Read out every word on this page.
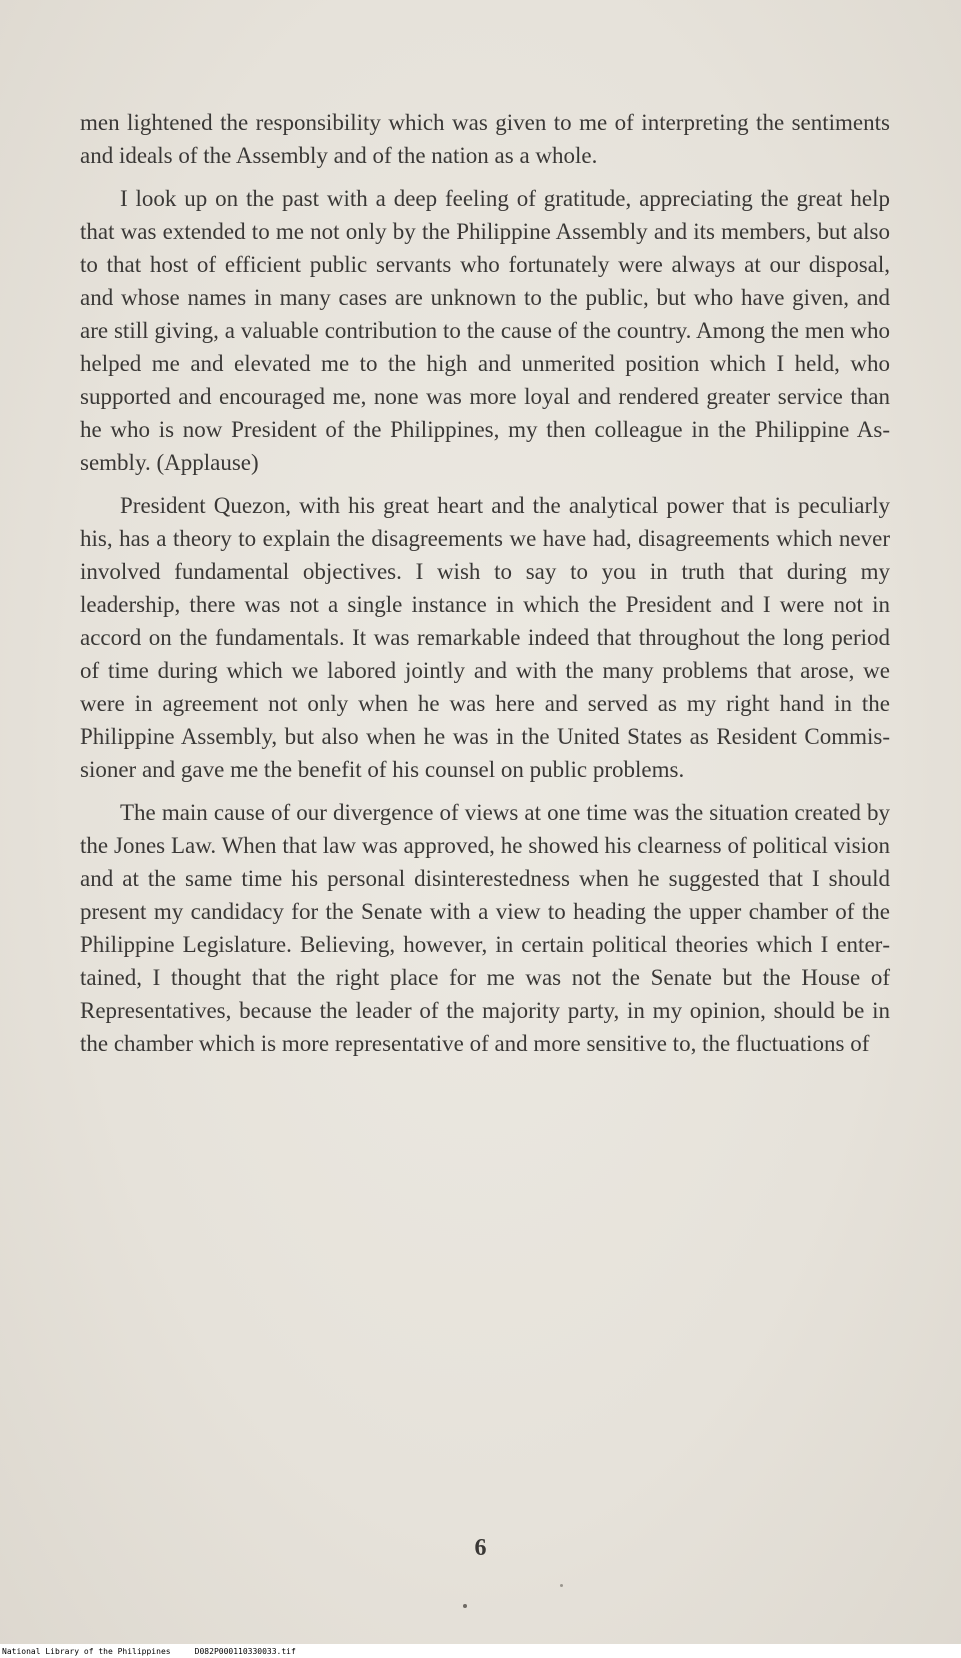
men lightened the responsibility which was given to me of interpreting the sentiments and ideals of the Assembly and of the nation as a whole.

I look up on the past with a deep feeling of gratitude, appreciating the great help that was extended to me not only by the Philippine Assembly and its members, but also to that host of efficient public servants who fortunately were always at our disposal, and whose names in many cases are unknown to the public, but who have given, and are still giving, a valuable contribution to the cause of the country. Among the men who helped me and elevated me to the high and unmerited position which I held, who supported and encouraged me, none was more loyal and rendered greater service than he who is now President of the Philippines, my then colleague in the Philippine Assembly. (Applause)

President Quezon, with his great heart and the analytical power that is peculiarly his, has a theory to explain the disagreements we have had, disagreements which never involved fundamental objectives. I wish to say to you in truth that during my leadership, there was not a single instance in which the President and I were not in accord on the fundamentals. It was remarkable indeed that throughout the long period of time during which we labored jointly and with the many problems that arose, we were in agreement not only when he was here and served as my right hand in the Philippine Assembly, but also when he was in the United States as Resident Commissioner and gave me the benefit of his counsel on public problems.

The main cause of our divergence of views at one time was the situation created by the Jones Law. When that law was approved, he showed his clearness of political vision and at the same time his personal disinterestedness when he suggested that I should present my candidacy for the Senate with a view to heading the upper chamber of the Philippine Legislature. Believing, however, in certain political theories which I entertained, I thought that the right place for me was not the Senate but the House of Representatives, because the leader of the majority party, in my opinion, should be in the chamber which is more representative of and more sensitive to, the fluctuations of

6
National Library of the Philippines	D082P000110330033.tif
